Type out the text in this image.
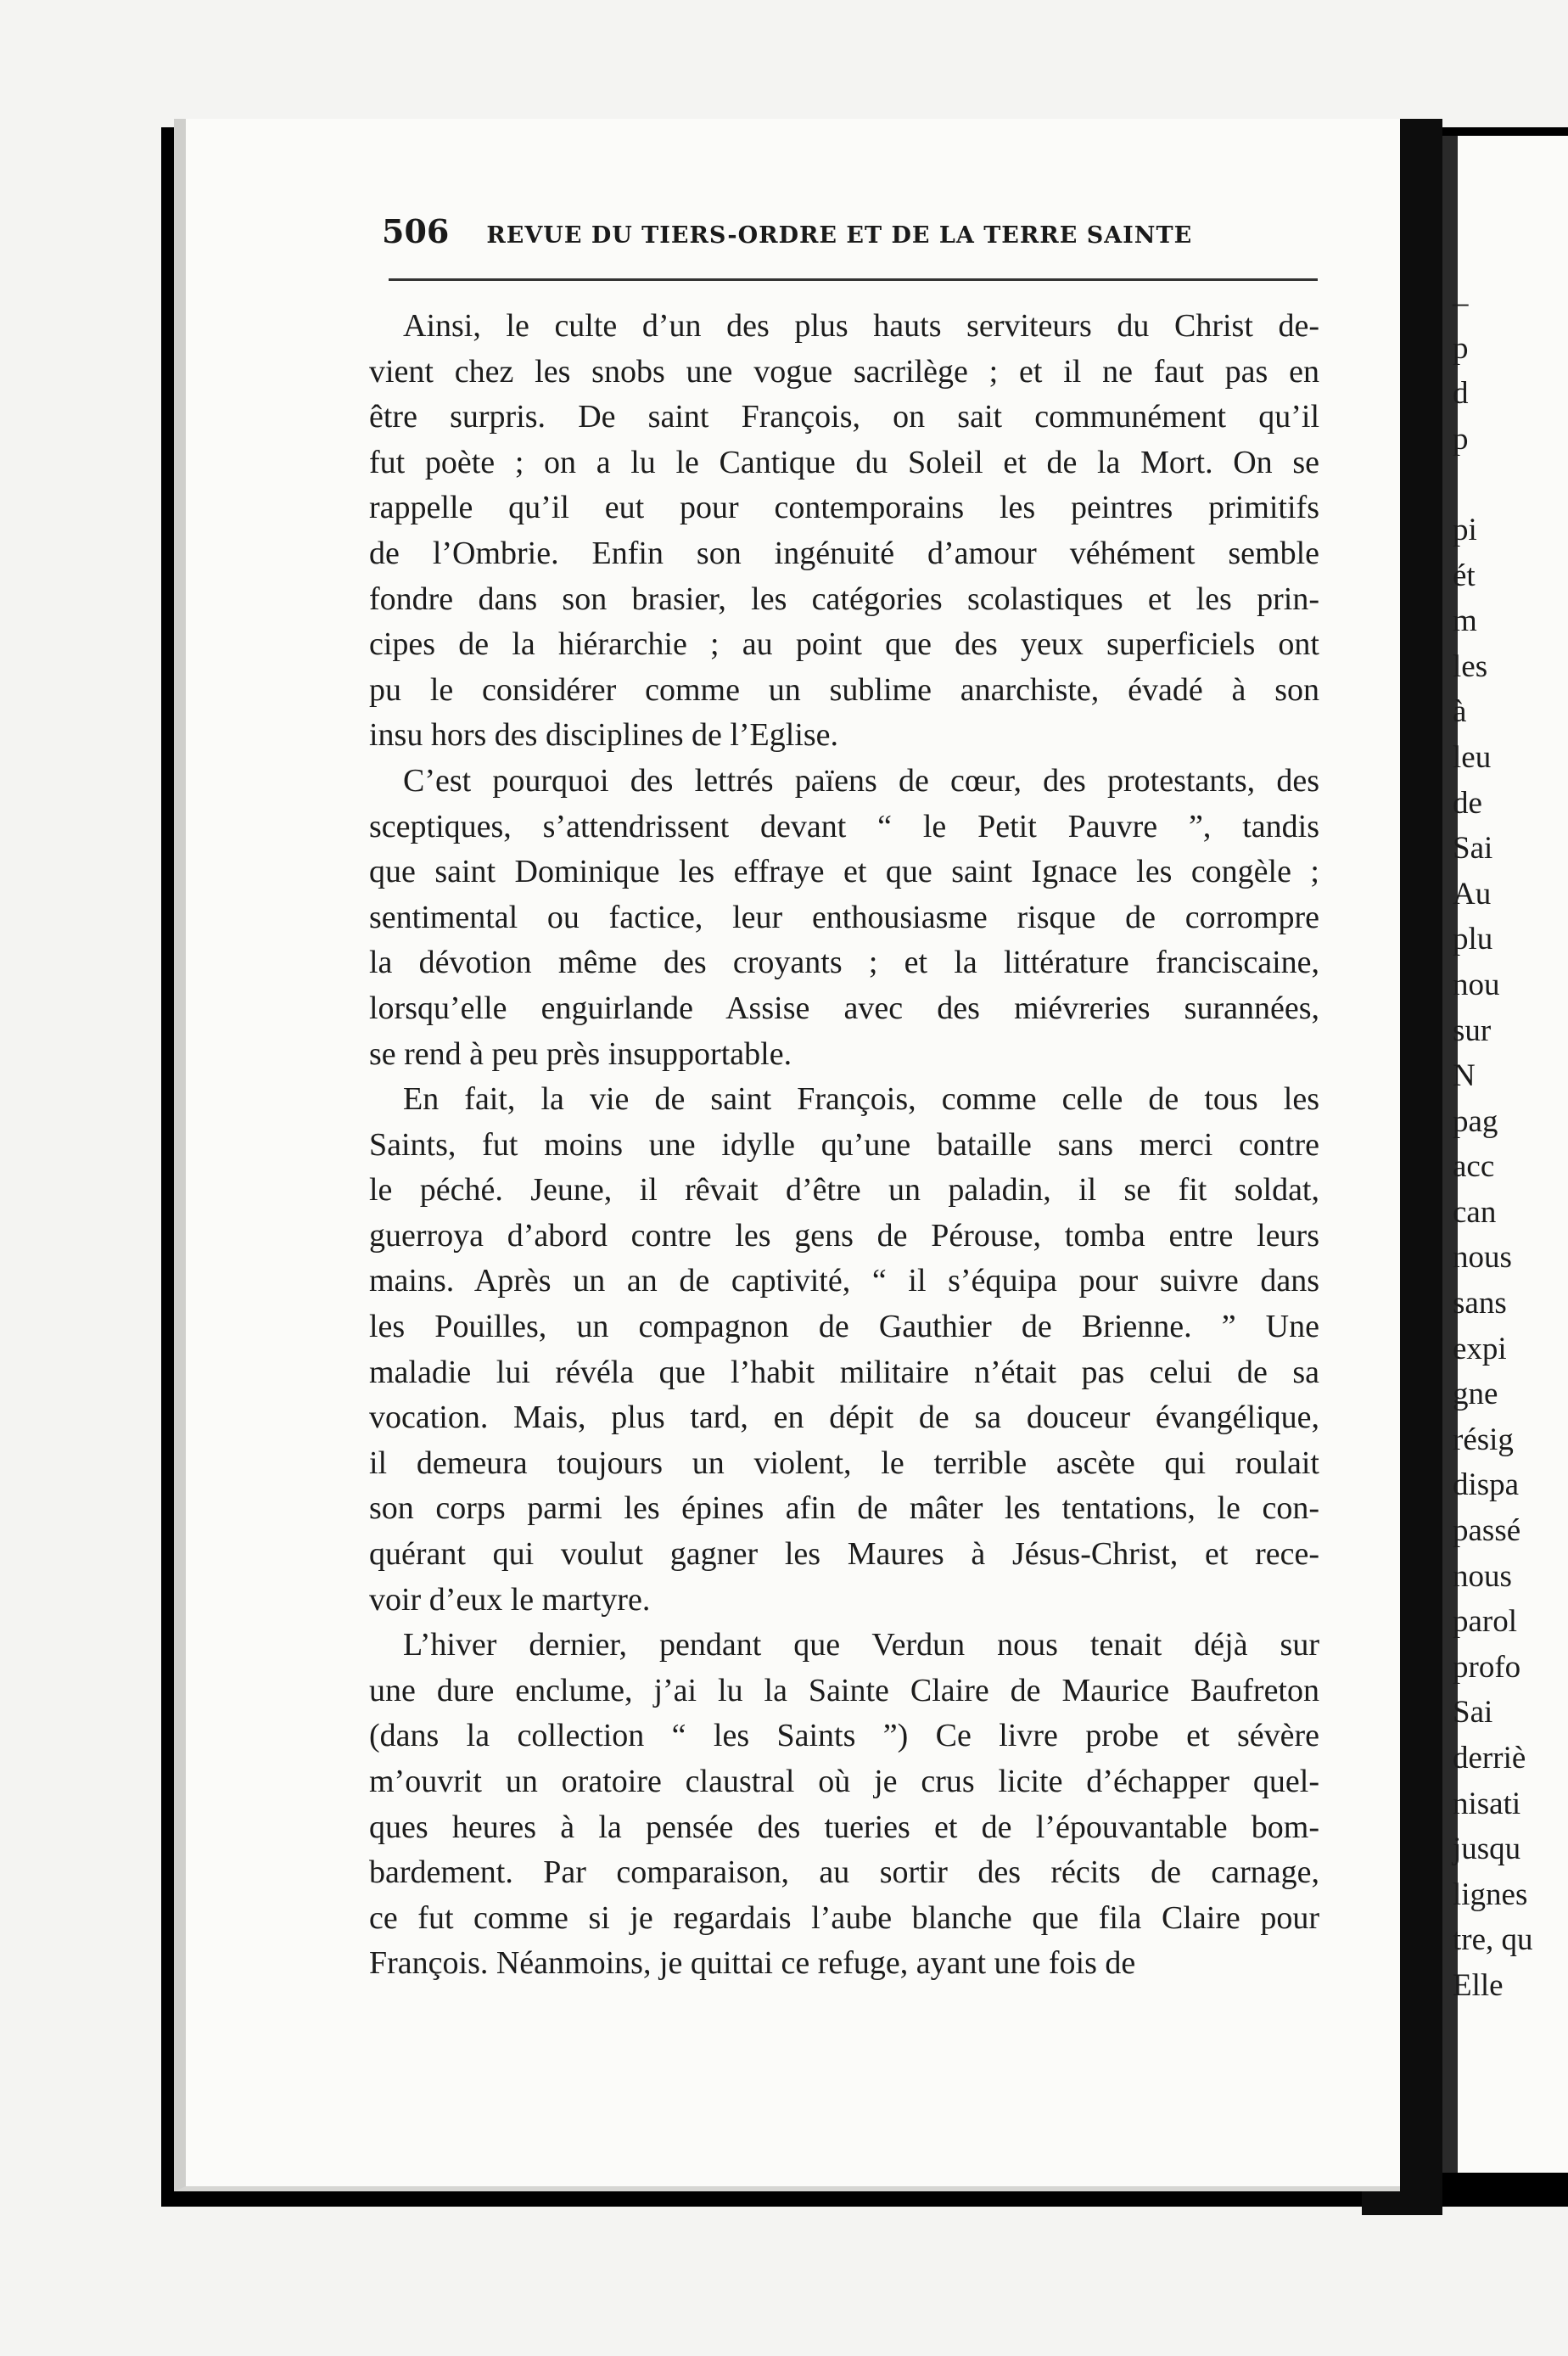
506 REVUE DU TIERS-ORDRE ET DE LA TERRE SAINTE

Ainsi, le culte d’un des plus hauts serviteurs du Christ de-
vient chez les snobs une vogue sacrilège ; et il ne faut pas en
être surpris. De saint François, on sait communément qu’il
fut poète ; on a lu le Cantique du Soleil et de la Mort. On se
rappelle qu’il eut pour contemporains les peintres primitifs
de l’Ombrie. Enfin son ingénuité d’amour véhément semble
fondre dans son brasier, les catégories scolastiques et les prin-
cipes de la hiérarchie ; au point que des yeux superficiels ont
pu le considérer comme un sublime anarchiste, évadé à son
insu hors des disciplines de l’Eglise.

C’est pourquoi des lettrés païens de cœur, des protestants, des
sceptiques, s’attendrissent devant “ le Petit Pauvre ”, tandis
que saint Dominique les effraye et que saint Ignace les congèle ;
sentimental ou factice, leur enthousiasme risque de corrompre
la dévotion même des croyants ; et la littérature franciscaine,
lorsqu’elle enguirlande Assise avec des miévreries surannées,
se rend à peu près insupportable.

En fait, la vie de saint François, comme celle de tous les
Saints, fut moins une idylle qu’une bataille sans merci contre
le péché. Jeune, il rêvait d’être un paladin, il se fit soldat,
guerroya d’abord contre les gens de Pérouse, tomba entre leurs
mains. Après un an de captivité, “ il s’équipa pour suivre dans
les Pouilles, un compagnon de Gauthier de Brienne. ” Une
maladie lui révéla que l’habit militaire n’était pas celui de sa
vocation. Mais, plus tard, en dépit de sa douceur évangélique,
il demeura toujours un violent, le terrible ascète qui roulait
son corps parmi les épines afin de mâter les tentations, le con-
quérant qui voulut gagner les Maures à Jésus-Christ, et rece-
voir d’eux le martyre.

L’hiver dernier, pendant que Verdun nous tenait déjà sur
une dure enclume, j’ai lu la Sainte Claire de Maurice Baufreton
(dans la collection “ les Saints ”) Ce livre probe et sévère
m’ouvrit un oratoire claustral où je crus licite d’échapper quel-
ques heures à la pensée des tueries et de l’épouvantable bom-
bardement. Par comparaison, au sortir des récits de carnage,
ce fut comme si je regardais l’aube blanche que fila Claire pour
François. Néanmoins, je quittai ce refuge, ayant une fois de

–
p
d
p
pi
ét
m
les
à
leu
de
Sai
Au
plu
nou
sur
N
pag
acc
can
nous
sans
expi
gne
résig
dispa
passé
nous
parol
profo
Sai
derriè
nisati
jusqu
lignes
tre, qu
Elle
